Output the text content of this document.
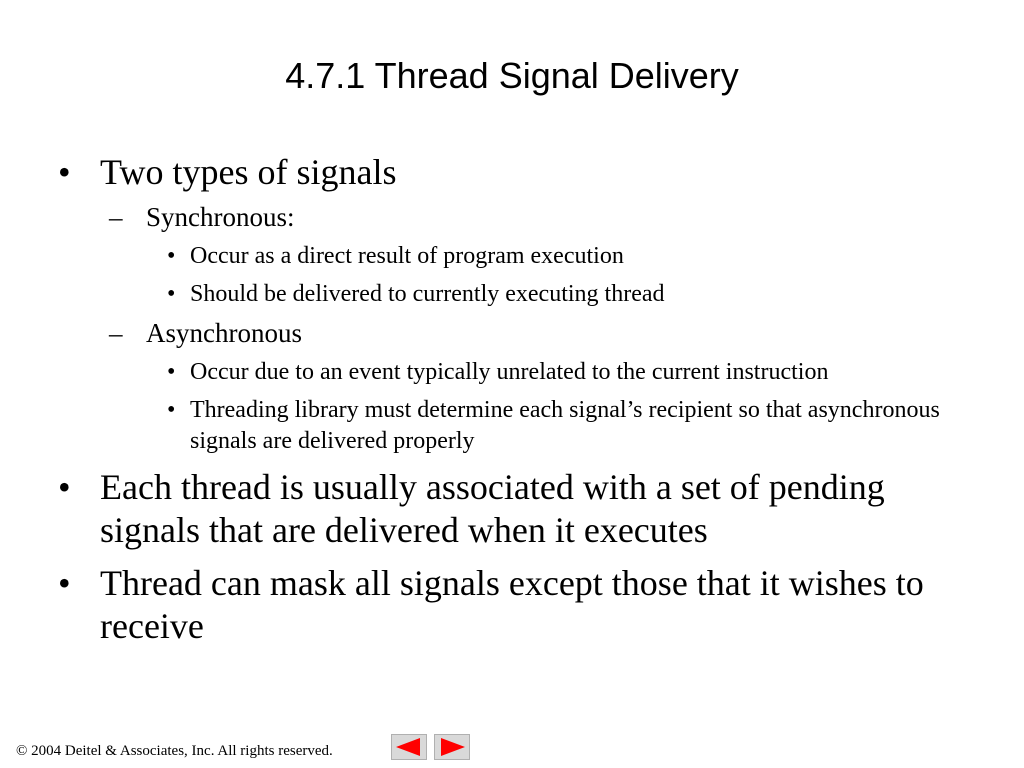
4.7.1 Thread Signal Delivery

• Two types of signals

– Synchronous:

• Occur as a direct result of program execution

• Should be delivered to currently executing thread

– Asynchronous

• Occur due to an event typically unrelated to the current instruction

• Threading library must determine each signal’s recipient so that asynchronous signals are delivered properly

• Each thread is usually associated with a set of pending signals that are delivered when it executes

• Thread can mask all signals except those that it wishes to receive

© 2004 Deitel & Associates, Inc. All rights reserved.
